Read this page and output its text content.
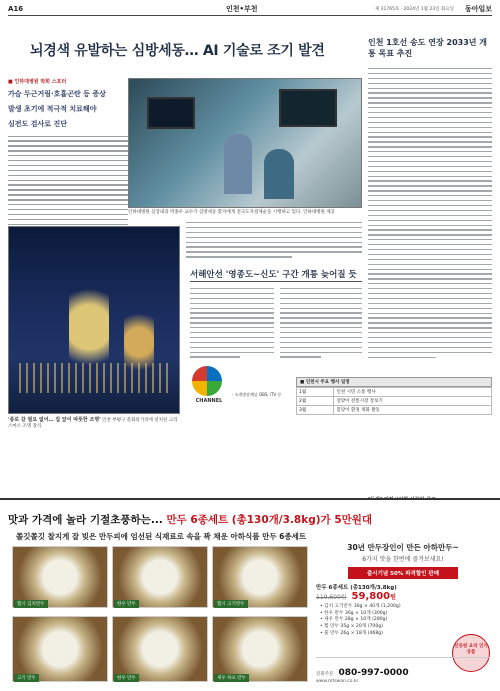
A16	인천•부천	제 31765호 · 2024년 1월 23일 화요일 동아일보
뇌경색 유발하는 심방세동… AI 기술로 조기 발견
■ 인하대병원 박희 스포터

가슴 두근거림·호흡곤란 등 증상

발생 초기에 적극적 치료해야

심전도 검사로 진단

인하대병원 심장내과 박종우 교수가 심방세동 환자에게 전극도자절제술을 시행하고 있다. 인하대병원 제공
인천 1호선 송도 연장 2033년 개통 목표 추진
'종로 갈 필요 없어… 집 앞이 따뜻한 조명' 인천 부평구 문화의거리에 설치된 크리스마스 조명 장식.
서해안선 '영종도~신도' 구간 개통 늦어질 듯
CHANNEL
· 소개방송채널 OBS, iTV 등
■ 인천시 주요 행사 일정
1월	인천 시민 소통 행사
2월	설맞이 전통시장 장보기
3월	봄맞이 환경 정화 활동
맛과 가격에 놀라 기절초풍하는... 만두 6종세트 (총130개/3.8kg)가 5만원대
쫄깃쫄깃 찰지게 잘 빚은 만두피에 엄선된 식재료로 속을 꽉 채운 아하식품 만두 6종세트
찜시 김치만두	한우 만두	찜시 고기만두
고기 만두	한우 만두	새우 하프 만두
30년 만두장인이 만든 아하만두~
6가지 맛을 한번에 즐겨보세요!
출시기념 50% 파격할인 판매
만두 6종세트 (총130개/3.8kg)
119,600원 59,800원
• 김치 고기만두 30g × 40개 (1,200g)
• 한우 만두 30g × 10개 (300g)
• 새우 만두 28g × 10개 (280g)
• 찜 만두 35g × 20개 (700g)
• 물 만두 26g × 18개 (468g)
신동원 요리 인기상품
전화주문 080-997-0000
www.mtswan.co.kr
